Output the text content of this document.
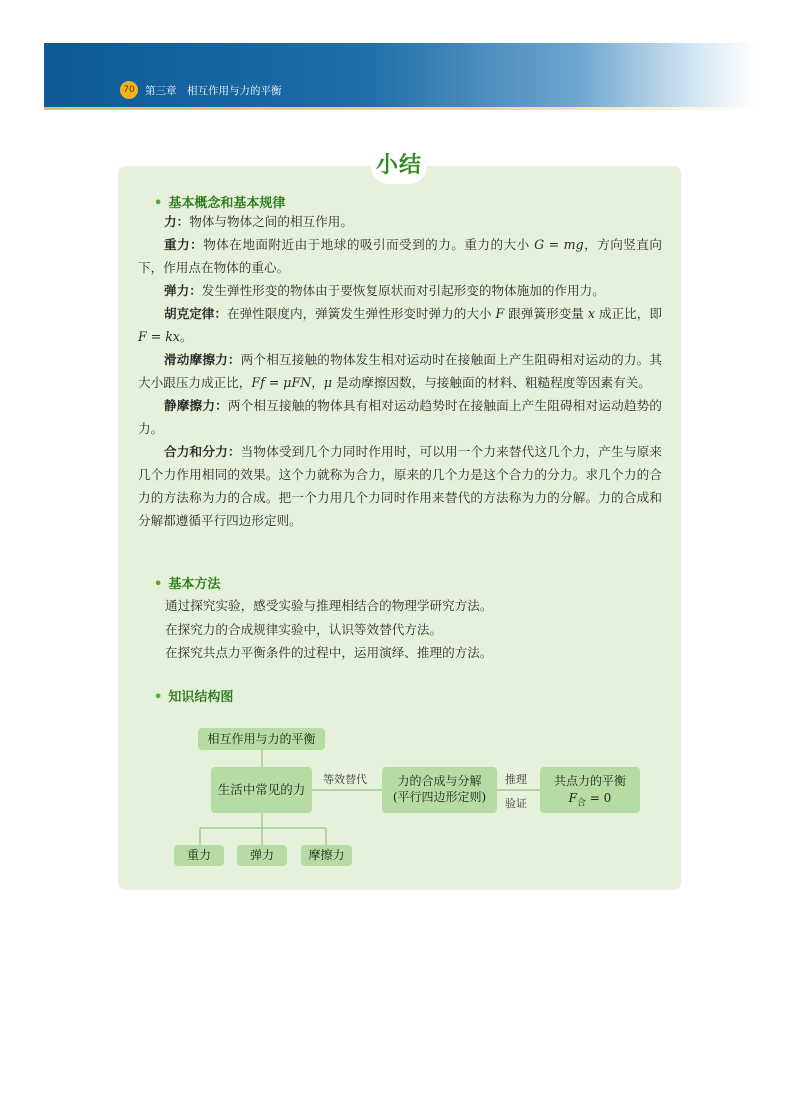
70 第三章　相互作用与力的平衡
小结
• 基本概念和基本规律

力：物体与物体之间的相互作用。

重力：物体在地面附近由于地球的吸引而受到的力。重力的大小 G = mg，方向竖直向下，作用点在物体的重心。

弹力：发生弹性形变的物体由于要恢复原状而对引起形变的物体施加的作用力。

胡克定律：在弹性限度内，弹簧发生弹性形变时弹力的大小 F 跟弹簧形变量 x 成正比，即 F = kx。

滑动摩擦力：两个相互接触的物体发生相对运动时在接触面上产生阻碍相对运动的力。其大小跟压力成正比，Ff = μFN，μ 是动摩擦因数，与接触面的材料、粗糙程度等因素有关。

静摩擦力：两个相互接触的物体具有相对运动趋势时在接触面上产生阻碍相对运动趋势的力。

合力和分力：当物体受到几个力同时作用时，可以用一个力来替代这几个力，产生与原来几个力作用相同的效果。这个力就称为合力，原来的几个力是这个合力的分力。求几个力的合力的方法称为力的合成。把一个力用几个力同时作用来替代的方法称为力的分解。力的合成和分解都遵循平行四边形定则。

• 基本方法
通过探究实验，感受实验与推理相结合的物理学研究方法。
在探究力的合成规律实验中，认识等效替代方法。
在探究共点力平衡条件的过程中，运用演绎、推理的方法。
• 知识结构图
相互作用与力的平衡
生活中常见的力
力的合成与分解
(平行四边形定则)
共点力的平衡
$F_合 = 0$
等效替代	推理
验证
重力	弹力	摩擦力
